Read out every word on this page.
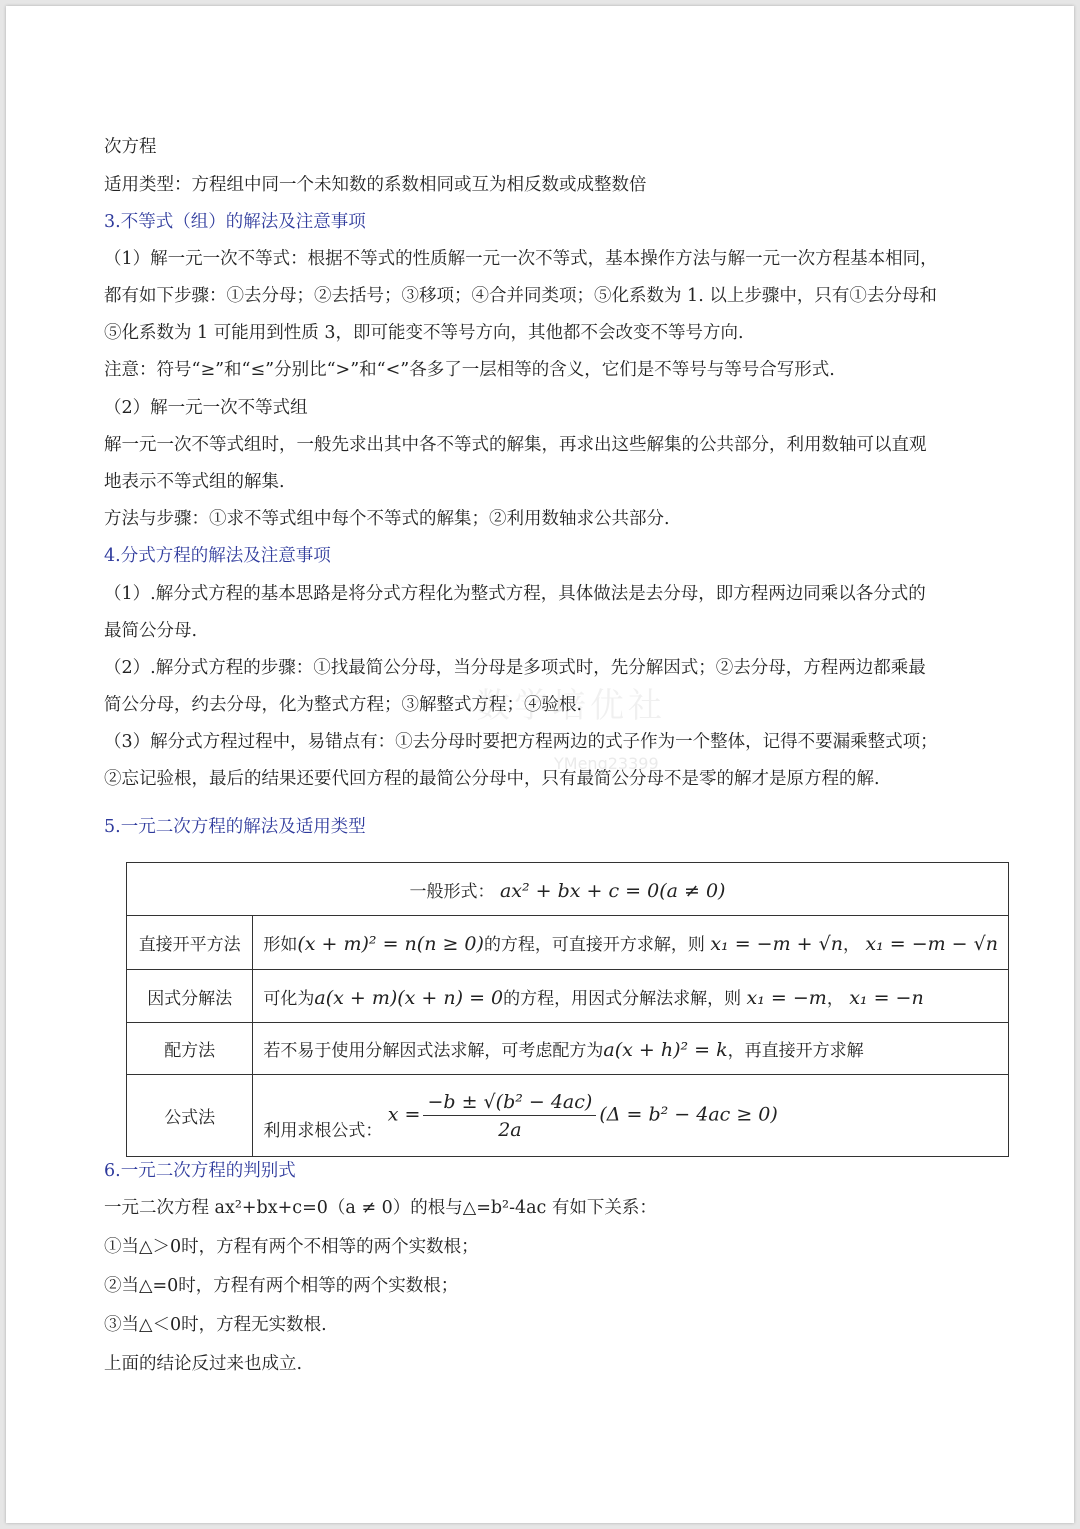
次方程
适用类型：方程组中同一个未知数的系数相同或互为相反数或成整数倍
3.不等式（组）的解法及注意事项
（1）解一元一次不等式：根据不等式的性质解一元一次不等式，基本操作方法与解一元一次方程基本相同，
都有如下步骤：①去分母；②去括号；③移项；④合并同类项；⑤化系数为 1. 以上步骤中，只有①去分母和
⑤化系数为 1 可能用到性质 3，即可能变不等号方向，其他都不会改变不等号方向.
注意：符号“≥”和“≤”分别比“>”和“<”各多了一层相等的含义，它们是不等号与等号合写形式.
（2）解一元一次不等式组
解一元一次不等式组时，一般先求出其中各不等式的解集，再求出这些解集的公共部分，利用数轴可以直观
地表示不等式组的解集.
方法与步骤：①求不等式组中每个不等式的解集；②利用数轴求公共部分.
4.分式方程的解法及注意事项
（1）.解分式方程的基本思路是将分式方程化为整式方程，具体做法是去分母，即方程两边同乘以各分式的
最简公分母.
（2）.解分式方程的步骤：①找最简公分母，当分母是多项式时，先分解因式；②去分母，方程两边都乘最
简公分母，约去分母，化为整式方程；③解整式方程；④验根.
（3）解分式方程过程中，易错点有：①去分母时要把方程两边的式子作为一个整体，记得不要漏乘整式项；
②忘记验根，最后的结果还要代回方程的最简公分母中，只有最简公分母不是零的解才是原方程的解.
5.一元二次方程的解法及适用类型
数学培优社
YMeng23399
一般形式： ax² + bx + c = 0(a ≠ 0)	
直接开平方法	形如(x + m)² = n(n ≥ 0)的方程，可直接开方求解，则 x₁ = −m + √n， x₁ = −m − √n
因式分解法	可化为a(x + m)(x + n) = 0的方程，用因式分解法求解，则 x₁ = −m， x₁ = −n
配方法	若不易于使用分解因式法求解，可考虑配方为a(x + h)² = k，再直接开方求解
公式法	利用求根公式： $x = \frac{\text{−b ± √(b² − 4ac)}}{2a} (\Delta = b^2 - 4ac \ge 0)$
6.一元二次方程的判别式
一元二次方程 ax²+bx+c=0（a ≠ 0）的根与△=b²-4ac 有如下关系：
①当△＞0时，方程有两个不相等的两个实数根；
②当△=0时，方程有两个相等的两个实数根；
③当△＜0时，方程无实数根.
上面的结论反过来也成立.
